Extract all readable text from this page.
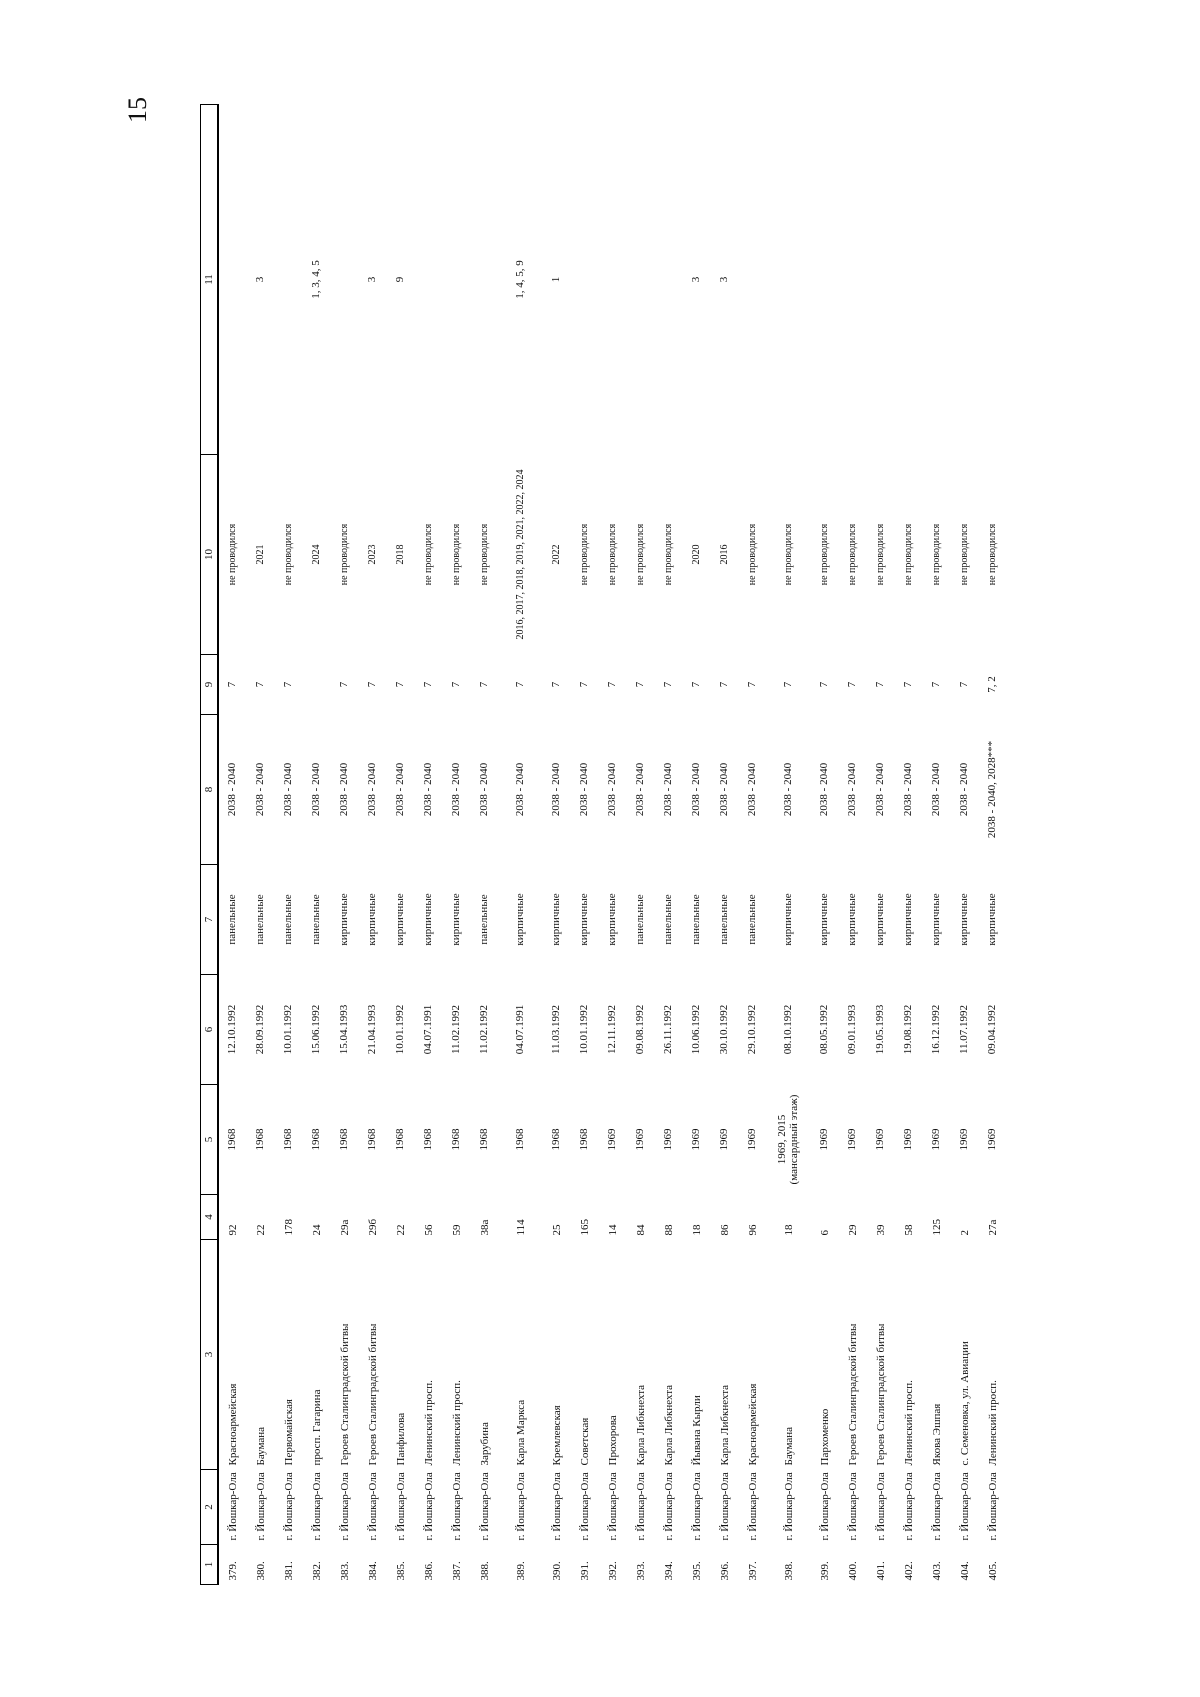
15
1	2	3	4	5	6	7	8	9	10	11
379.	г. Йошкар-Ола	Красноармейская	92	1968	12.10.1992	панельные	2038 - 2040	7	не проводился	
380.	г. Йошкар-Ола	Баумана	22	1968	28.09.1992	панельные	2038 - 2040	7	2021	3
381.	г. Йошкар-Ола	Первомайская	178	1968	10.01.1992	панельные	2038 - 2040	7	не проводился	
382.	г. Йошкар-Ола	просп. Гагарина	24	1968	15.06.1992	панельные	2038 - 2040		2024	1, 3, 4, 5
383.	г. Йошкар-Ола	Героев Сталинградской битвы	29а	1968	15.04.1993	кирпичные	2038 - 2040	7	не проводился	
384.	г. Йошкар-Ола	Героев Сталинградской битвы	29б	1968	21.04.1993	кирпичные	2038 - 2040	7	2023	3
385.	г. Йошкар-Ола	Панфилова	22	1968	10.01.1992	кирпичные	2038 - 2040	7	2018	9
386.	г. Йошкар-Ола	Ленинский просп.	56	1968	04.07.1991	кирпичные	2038 - 2040	7	не проводился	
387.	г. Йошкар-Ола	Ленинский просп.	59	1968	11.02.1992	кирпичные	2038 - 2040	7	не проводился	
388.	г. Йошкар-Ола	Зарубина	38а	1968	11.02.1992	панельные	2038 - 2040	7	не проводился	
389.	г. Йошкар-Ола	Карла Маркса	114	1968	04.07.1991	кирпичные	2038 - 2040	7	2016, 2017, 2018, 2019, 2021, 2022, 2024	1, 4, 5, 9
390.	г. Йошкар-Ола	Кремлевская	25	1968	11.03.1992	кирпичные	2038 - 2040	7	2022	1
391.	г. Йошкар-Ола	Советская	165	1968	10.01.1992	кирпичные	2038 - 2040	7	не проводился	
392.	г. Йошкар-Ола	Прохорова	14	1969	12.11.1992	кирпичные	2038 - 2040	7	не проводился	
393.	г. Йошкар-Ола	Карла Либкнехта	84	1969	09.08.1992	панельные	2038 - 2040	7	не проводился	
394.	г. Йошкар-Ола	Карла Либкнехта	88	1969	26.11.1992	панельные	2038 - 2040	7	не проводился	
395.	г. Йошкар-Ола	Йывана Кырли	18	1969	10.06.1992	панельные	2038 - 2040	7	2020	3
396.	г. Йошкар-Ола	Карла Либкнехта	86	1969	30.10.1992	панельные	2038 - 2040	7	2016	3
397.	г. Йошкар-Ола	Красноармейская	96	1969	29.10.1992	панельные	2038 - 2040	7	не проводился	
398.	г. Йошкар-Ола	Баумана	18	1969, 2015 (мансардный этаж)	08.10.1992	кирпичные	2038 - 2040	7	не проводился	
399.	г. Йошкар-Ола	Пархоменко	6	1969	08.05.1992	кирпичные	2038 - 2040	7	не проводился	
400.	г. Йошкар-Ола	Героев Сталинградской битвы	29	1969	09.01.1993	кирпичные	2038 - 2040	7	не проводился	
401.	г. Йошкар-Ола	Героев Сталинградской битвы	39	1969	19.05.1993	кирпичные	2038 - 2040	7	не проводился	
402.	г. Йошкар-Ола	Ленинский просп.	58	1969	19.08.1992	кирпичные	2038 - 2040	7	не проводился	
403.	г. Йошкар-Ола	Якова Эшпая	125	1969	16.12.1992	кирпичные	2038 - 2040	7	не проводился	
404.	г. Йошкар-Ола	с. Семеновка, ул. Авиации	2	1969	11.07.1992	кирпичные	2038 - 2040	7	не проводился	
405.	г. Йошкар-Ола	Ленинский просп.	27а	1969	09.04.1992	кирпичные	2038 - 2040, 2028***	7, 2	не проводился	
